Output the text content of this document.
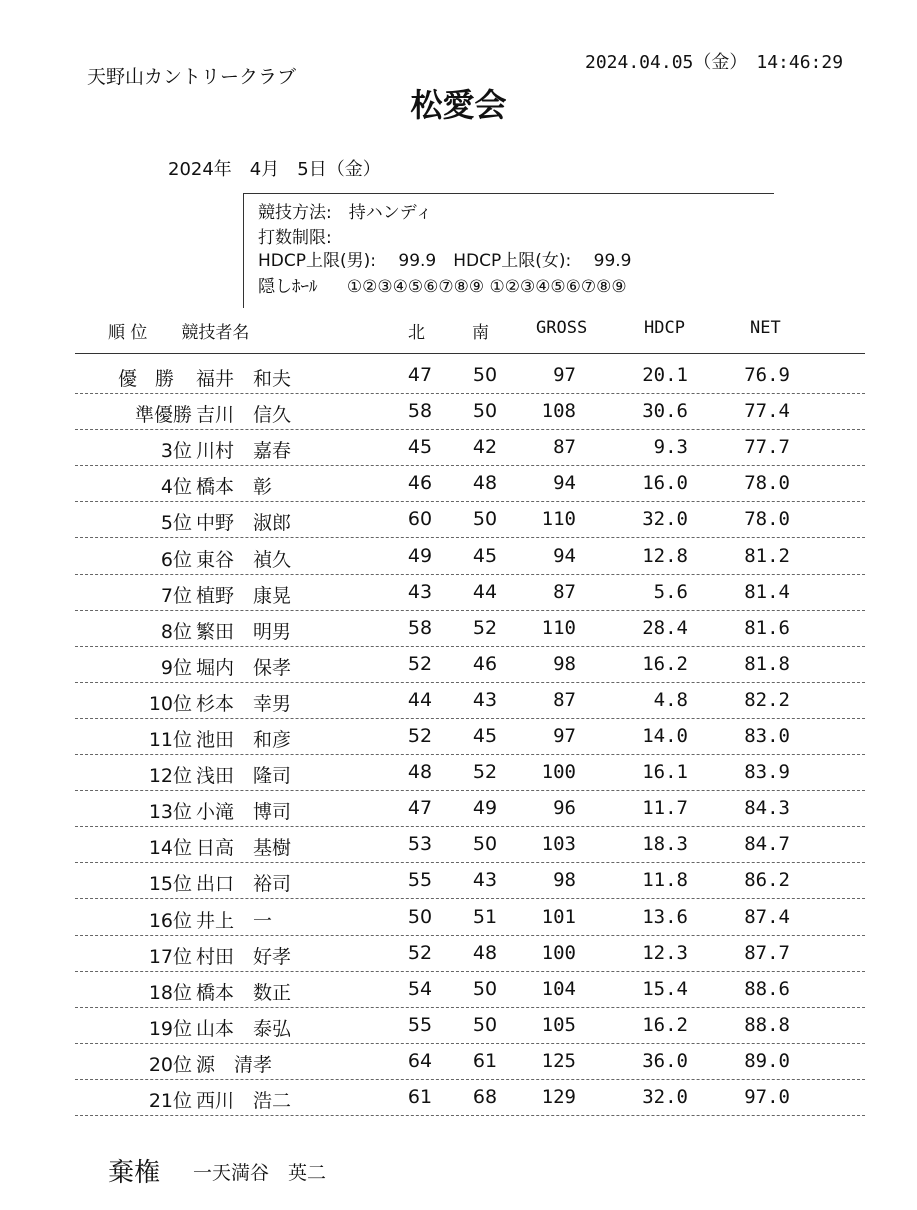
天野山カントリークラブ
2024.04.05（金）　14:46:29
松愛会
2024年　4月　5日（金）
競技方法:　持ハンディ
打数制限:
HDCP上限(男):　 99.9　HDCP上限(女):　 99.9
隠しﾎｰﾙ ①②③④⑤⑥⑦⑧⑨ ①②③④⑤⑥⑦⑧⑨
順 位　　競技者名	北	南	GROSS	HDCP	NET
優勝 福井　和夫	47	50	97	20.1	76.9
準優勝 吉川　信久	58	50	108	30.6	77.4
3位 川村　嘉春	45	42	87	9.3	77.7
4位 橋本　彰	46	48	94	16.0	78.0
5位 中野　淑郎	60	50	110	32.0	78.0
6位 東谷　禎久	49	45	94	12.8	81.2
7位 植野　康晃	43	44	87	5.6	81.4
8位 繁田　明男	58	52	110	28.4	81.6
9位 堀内　保孝	52	46	98	16.2	81.8
10位 杉本　幸男	44	43	87	4.8	82.2
11位 池田　和彦	52	45	97	14.0	83.0
12位 浅田　隆司	48	52	100	16.1	83.9
13位 小滝　博司	47	49	96	11.7	84.3
14位 日高　基樹	53	50	103	18.3	84.7
15位 出口　裕司	55	43	98	11.8	86.2
16位 井上　一	50	51	101	13.6	87.4
17位 村田　好孝	52	48	100	12.3	87.7
18位 橋本　数正	54	50	104	15.4	88.6
19位 山本　泰弘	55	50	105	16.2	88.8
20位 源　清孝	64	61	125	36.0	89.0
21位 西川　浩二	61	68	129	32.0	97.0
棄権 一天満谷　英二
